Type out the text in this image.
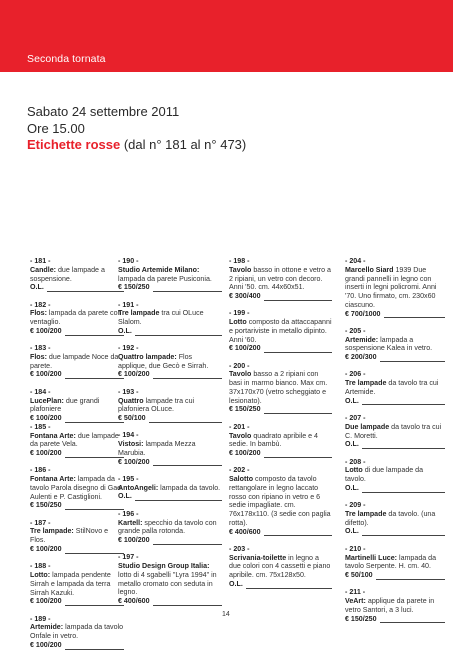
Seconda tornata
Sabato 24 settembre 2011
Ore 15.00
Etichette rosse (dal n° 181 al n° 473)
- 181 -
Candle: due lampade a sospensione.
O.L.
- 182 -
Flos: lampada da parete con ventaglio.
€ 100/200
- 183 -
Flos: due lampade Noce da parete.
€ 100/200
- 184 -
LucePlan: due grandi plafoniere
€ 100/200
- 185 -
Fontana Arte: due lampade da parete Vela.
€ 100/200
- 186 -
Fontana Arte: lampada da tavolo Parola disegno di Gae Aulenti e P. Castiglioni.
€ 150/250
- 187 -
Tre lampade: StilNovo e Flos.
€ 100/200
- 188 -
Lotto: lampada pendente Sirrah e lampada da terra Sirrah Kazuki.
€ 100/200
- 189 -
Artemide: lampada da tavolo Onfale in vetro.
€ 100/200
- 190 -
Studio Artemide Milano: lampada da parete Pusiconia.
€ 150/250
- 191 -
Tre lampade tra cui OLuce Slalom.
O.L.
- 192 -
Quattro lampade: Flos applique, due Gecò e Sirrah.
€ 100/200
- 193 -
Quattro lampade tra cui plafoniera OLuce.
€ 50/100
- 194 -
Vistosi: lampada Mezza Marubia.
€ 100/200
- 195 -
AntoAngeli: lampada da tavolo.
O.L.
- 196 -
Kartell: specchio da tavolo con grande palla rotonda.
€ 100/200
- 197 -
Studio Design Group Italia: lotto di 4 sgabelli "Lyra 1994" in metallo cromato con seduta in legno.
€ 400/600
- 198 -
Tavolo basso in ottone e vetro a 2 ripiani, un vetro con decoro. Anni '50. cm. 44x60x51.
€ 300/400
- 199 -
Lotto composto da attaccapanni e portariviste in metallo dipinto. Anni '60.
€ 100/200
- 200 -
Tavolo basso a 2 ripiani con basi in marmo bianco. Max cm. 37x170x70 (vetro scheggiato e lesionato).
€ 150/250
- 201 -
Tavolo quadrato apribile e 4 sedie. In bambù.
€ 100/200
- 202 -
Salotto composto da tavolo rettangolare in legno laccato rosso con ripiano in vetro e 6 sedie impagliate. cm. 76x178x110. (3 sedie con paglia rotta).
€ 400/600
- 203 -
Scrivania-toilette in legno a due colori con 4 cassetti e piano apribile. cm. 75x128x50.
O.L.
- 204 -
Marcello Siard 1939 Due grandi pannelli in legno con inserti in legni policromi. Anni '70. Uno firmato, cm. 230x60 ciascuno.
€ 700/1000
- 205 -
Artemide: lampada a sospensione Kalea in vetro.
€ 200/300
- 206 -
Tre lampade da tavolo tra cui Artemide.
O.L.
- 207 -
Due lampade da tavolo tra cui C. Moretti.
O.L.
- 208 -
Lotto di due lampade da tavolo.
O.L.
- 209 -
Tre lampade da tavolo. (una difetto).
O.L.
- 210 -
Martinelli Luce: lampada da tavolo Serpente. H. cm. 40.
€ 50/100
- 211 -
VeArt: applique da parete in vetro Santori, a 3 luci.
€ 150/250
14
